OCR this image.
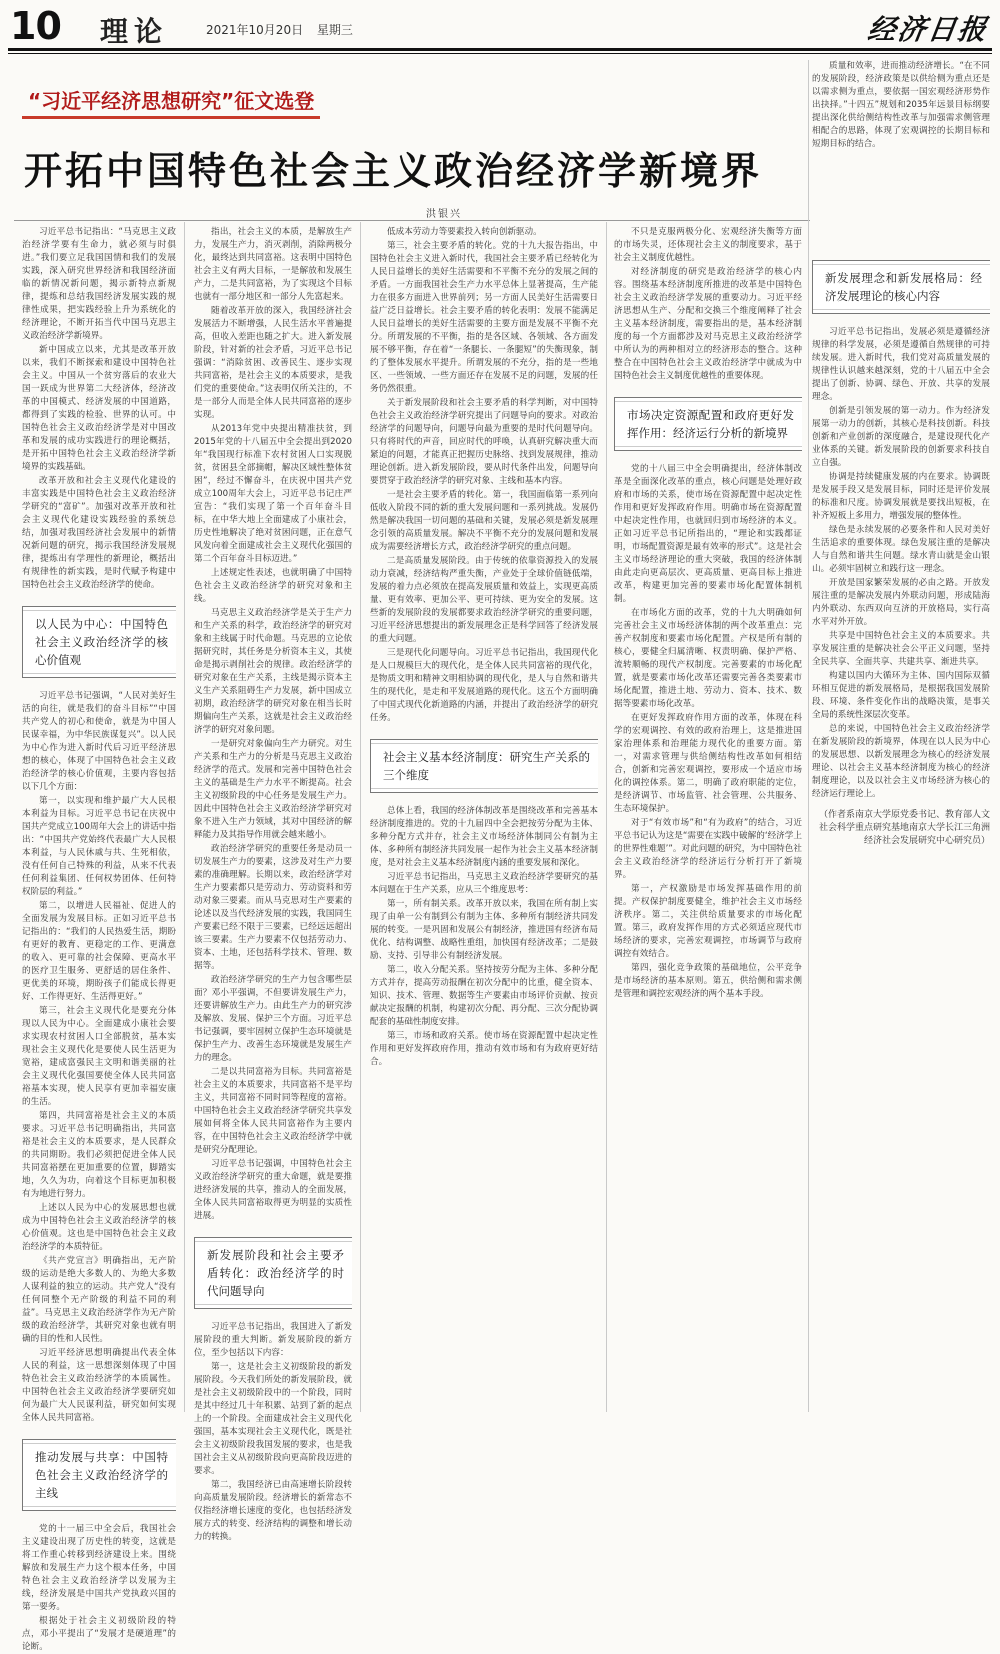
10 理论	2021年10月20日 星期三	经济日报
“习近平经济思想研究”征文选登
开拓中国特色社会主义政治经济学新境界
洪银兴

质量和效率，进而推动经济增长。“在不同的发展阶段，经济政策是以供给侧为重点还是以需求侧为重点，要依据一国宏观经济形势作出抉择。”十四五”规划和2035年远景目标纲要提出深化供给侧结构性改革与加强需求侧管理相配合的思路，体现了宏观调控的长期目标和短期目标的结合。

习近平总书记指出：“马克思主义政治经济学要有生命力，就必须与时俱进。”我们要立足我国国情和我们的发展实践，深入研究世界经济和我国经济面临的新情况新问题，揭示新特点新规律，提炼和总结我国经济发展实践的规律性成果，把实践经验上升为系统化的经济理论，不断开拓当代中国马克思主义政治经济学新境界。

新中国成立以来，尤其是改革开放以来，我们不断探索和建设中国特色社会主义。中国从一个贫穷落后的农业大国一跃成为世界第二大经济体，经济改革的中国模式、经济发展的中国道路，都得到了实践的检验、世界的认可。中国特色社会主义政治经济学是对中国改革和发展的成功实践进行的理论概括，是开拓中国特色社会主义政治经济学新境界的实践基础。

改革开放和社会主义现代化建设的丰富实践是中国特色社会主义政治经济学研究的“富矿”。加强对改革开放和社会主义现代化建设实践经验的系统总结，加强对我国经济社会发展中的新情况新问题的研究，揭示我国经济发展规律，提炼出有学理性的新理论，概括出有规律性的新实践，是时代赋予构建中国特色社会主义政治经济学的使命。

以人民为中心：中国特色社会主义政治经济学的核心价值观

习近平总书记强调，“人民对美好生活的向往，就是我们的奋斗目标”“中国共产党人的初心和使命，就是为中国人民谋幸福，为中华民族谋复兴”。以人民为中心作为进入新时代后习近平经济思想的核心，体现了中国特色社会主义政治经济学的核心价值观，主要内容包括以下几个方面：

第一，以实现和维护最广大人民根本利益为目标。习近平总书记在庆祝中国共产党成立100周年大会上的讲话中指出：“中国共产党始终代表最广大人民根本利益，与人民休戚与共、生死相依，没有任何自己特殊的利益，从来不代表任何利益集团、任何权势团体、任何特权阶层的利益。”

第二，以增进人民福祉、促进人的全面发展为发展目标。正如习近平总书记指出的：“我们的人民热爱生活，期盼有更好的教育、更稳定的工作、更满意的收入、更可靠的社会保障、更高水平的医疗卫生服务、更舒适的居住条件、更优美的环境，期盼孩子们能成长得更好、工作得更好、生活得更好。”

第三，社会主义现代化是要充分体现以人民为中心。全面建成小康社会要求实现农村贫困人口全部脱贫，基本实现社会主义现代化是要使人民生活更为宽裕，建成富强民主文明和谐美丽的社会主义现代化强国要使全体人民共同富裕基本实现，使人民享有更加幸福安康的生活。

第四，共同富裕是社会主义的本质要求。习近平总书记明确指出，共同富裕是社会主义的本质要求，是人民群众的共同期盼。我们必须把促进全体人民共同富裕摆在更加重要的位置，脚踏实地，久久为功，向着这个目标更加积极有为地进行努力。

上述以人民为中心的发展思想也就成为中国特色社会主义政治经济学的核心价值观。这也是中国特色社会主义政治经济学的本质特征。

《共产党宣言》明确指出，无产阶级的运动是绝大多数人的、为绝大多数人谋利益的独立的运动。共产党人“没有任何同整个无产阶级的利益不同的利益”。马克思主义政治经济学作为无产阶级的政治经济学，其研究对象也就有明确的目的性和人民性。

习近平经济思想明确提出代表全体人民的利益，这一思想深刻体现了中国特色社会主义政治经济学的本质属性。中国特色社会主义政治经济学要研究如何为最广大人民谋利益，研究如何实现全体人民共同富裕。

推动发展与共享：中国特色社会主义政治经济学的主线

党的十一届三中全会后，我国社会主义建设出现了历史性的转变，这就是将工作重心转移到经济建设上来。围绕解放和发展生产力这个根本任务，中国特色社会主义政治经济学以发展为主线，经济发展是中国共产党执政兴国的第一要务。

根据处于社会主义初级阶段的特点，邓小平提出了“发展才是硬道理”的论断。

指出，社会主义的本质，是解放生产力，发展生产力，消灭剥削，消除两极分化，最终达到共同富裕。这表明中国特色社会主义有两大目标，一是解放和发展生产力，二是共同富裕，为了实现这个目标也就有一部分地区和一部分人先富起来。

随着改革开放的深入，我国经济社会发展活力不断增强，人民生活水平普遍提高，但收入差距也随之扩大。进入新发展阶段，针对新的社会矛盾，习近平总书记强调：“消除贫困、改善民生、逐步实现共同富裕，是社会主义的本质要求，是我们党的重要使命。”这表明仅所关注的，不是一部分人而是全体人民共同富裕的逐步实现。

从2013年党中央提出精准扶贫，到2015年党的十八届五中全会提出到2020年“我国现行标准下农村贫困人口实现脱贫，贫困县全部摘帽，解决区域性整体贫困”，经过不懈奋斗，在庆祝中国共产党成立100周年大会上，习近平总书记庄严宣告：“我们实现了第一个百年奋斗目标，在中华大地上全面建成了小康社会，历史性地解决了绝对贫困问题，正在意气风发向着全面建成社会主义现代化强国的第二个百年奋斗目标迈进。”

上述规定性表述，也就明确了中国特色社会主义政治经济学的研究对象和主线。

马克思主义政治经济学是关于生产力和生产关系的科学，政治经济学的研究对象和主线属于时代命题。马克思的立论依据研究时，其任务是分析资本主义，其使命是揭示剥削社会的规律。政治经济学的研究对象在生产关系，主线是揭示资本主义生产关系阻碍生产力发展，新中国成立初期，政治经济学的研究对象在相当长时期偏向生产关系，这就是社会主义政治经济学的研究对象问题。

一是研究对象偏向生产力研究。对生产关系和生产力的分析是马克思主义政治经济学的范式。发展和完善中国特色社会主义的基础是生产力水平不断提高。社会主义初级阶段的中心任务是发展生产力。因此中国特色社会主义政治经济学研究对象不进入生产力领域，其对中国经济的解释能力及其指导作用就会越来越小。

政治经济学研究的重要任务是动员一切发展生产力的要素，这涉及对生产力要素的准确理解。长期以来，政治经济学对生产力要素都只是劳动力、劳动资料和劳动对象三要素。而从马克思对生产要素的论述以及当代经济发展的实践，我国同生产要素已经不限于三要素，已经远远超出该三要素。生产力要素不仅包括劳动力、资本、土地，还包括科学技术、管理、数据等。

政治经济学研究的生产力包含哪些层面？邓小平强调，不但要讲发展生产力，还要讲解放生产力。由此生产力的研究涉及解放、发展、保护三个方面。习近平总书记强调，要牢固树立保护生态环境就是保护生产力、改善生态环境就是发展生产力的理念。

二是以共同富裕为目标。共同富裕是社会主义的本质要求，共同富裕不是平均主义，共同富裕不同时同等程度的富裕。中国特色社会主义政治经济学研究共享发展如何将全体人民共同富裕作为主要内容，在中国特色社会主义政治经济学中就是研究分配理论。

习近平总书记强调，中国特色社会主义政治经济学研究的重大命题，就是要推进经济发展的共享，推动人的全面发展，全体人民共同富裕取得更为明显的实质性进展。

新发展阶段和社会主要矛盾转化：政治经济学的时代问题导向

习近平总书记指出，我国进入了新发展阶段的重大判断。新发展阶段的新方位，至少包括以下内容：

第一，这是社会主义初级阶段的新发展阶段。今天我们所处的新发展阶段，就是社会主义初级阶段中的一个阶段，同时是其中经过几十年积累、站到了新的起点上的一个阶段。全面建成社会主义现代化强国，基本实现社会主义现代化，既是社会主义初级阶段我国发展的要求，也是我国社会主义从初级阶段向更高阶段迈进的要求。

第二，我国经济已由高速增长阶段转向高质量发展阶段。经济增长的新常态不仅指经济增长速度的变化，也包括经济发展方式的转变、经济结构的调整和增长动力的转换。

低成本劳动力等要素投入转向创新驱动。

第三，社会主要矛盾的转化。党的十九大报告指出，中国特色社会主义进入新时代，我国社会主要矛盾已经转化为人民日益增长的美好生活需要和不平衡不充分的发展之间的矛盾。一方面我国社会生产力水平总体上显著提高，生产能力在很多方面进入世界前列；另一方面人民美好生活需要日益广泛日益增长。社会主要矛盾的转化表明：发展不能满足人民日益增长的美好生活需要的主要方面是发展不平衡不充分。所谓发展的不平衡，指的是各区域、各领域、各方面发展不够平衡，存在着“一条腿长、一条腿短”的失衡现象，制约了整体发展水平提升。所谓发展的不充分，指的是一些地区、一些领域、一些方面还存在发展不足的问题，发展的任务仍然很重。

关于新发展阶段和社会主要矛盾的科学判断，对中国特色社会主义政治经济学研究提出了问题导向的要求。对政治经济学的问题导向，问题导向最为重要的是时代问题导向。只有将时代的声音，回应时代的呼唤，认真研究解决重大而紧迫的问题，才能真正把握历史脉络、找到发展规律，推动理论创新。进入新发展阶段，要从时代条件出发，问题导向要贯穿于政治经济学的研究对象、主线和基本内容。

一是社会主要矛盾的转化。第一，我国面临第一系列向低收入阶段不同的新的重大发展问题和一系列挑战。发展仍然是解决我国一切问题的基础和关键，发展必须是新发展理念引领的高质量发展。解决不平衡不充分的发展问题和发展成为需要经济增长方式，政治经济学研究的重点问题。

二是高质量发展阶段。由于传统的依靠资源投入的发展动力衰减，经济结构严重失衡，产业处于全球价值链低端，发展的着力点必须放在提高发展质量和效益上，实现更高质量、更有效率、更加公平、更可持续、更为安全的发展。这些新的发展阶段的发展都要求政治经济学研究的重要问题，习近平经济思想提出的新发展理念正是科学回答了经济发展的重大问题。

三是现代化问题导向。习近平总书记指出，我国现代化是人口规模巨大的现代化，是全体人民共同富裕的现代化，是物质文明和精神文明相协调的现代化，是人与自然和谐共生的现代化，是走和平发展道路的现代化。这五个方面明确了中国式现代化新道路的内涵，并提出了政治经济学的研究任务。

社会主义基本经济制度：研究生产关系的三个维度

总体上看，我国的经济体制改革是围绕改革和完善基本经济制度推进的。党的十九届四中全会把按劳分配为主体、多种分配方式并存，社会主义市场经济体制同公有制为主体、多种所有制经济共同发展一起作为社会主义基本经济制度，是对社会主义基本经济制度内涵的重要发展和深化。

习近平总书记指出，马克思主义政治经济学要研究的基本问题在于生产关系，应从三个维度思考：

第一，所有制关系。改革开放以来，我国在所有制上实现了由单一公有制到公有制为主体、多种所有制经济共同发展的转变。一是巩固和发展公有制经济，推进国有经济布局优化、结构调整、战略性重组，加快国有经济改革；二是鼓励、支持、引导非公有制经济发展。

第二，收入分配关系。坚持按劳分配为主体、多种分配方式并存，提高劳动报酬在初次分配中的比重，健全资本、知识、技术、管理、数据等生产要素由市场评价贡献、按贡献决定报酬的机制，构建初次分配、再分配、三次分配协调配套的基础性制度安排。

第三，市场和政府关系。使市场在资源配置中起决定性作用和更好发挥政府作用，推动有效市场和有为政府更好结合。

不只是克服两极分化、宏观经济失衡等方面的市场失灵，还体现社会主义的制度要求，基于社会主义制度优越性。

对经济制度的研究是政治经济学的核心内容。围绕基本经济制度所推进的改革是中国特色社会主义政治经济学发展的重要动力。习近平经济思想从生产、分配和交换三个维度阐释了社会主义基本经济制度，需要指出的是，基本经济制度的每一个方面都涉及对马克思主义政治经济学中所认为的两种相对立的经济形态的整合。这种整合在中国特色社会主义政治经济学中就成为中国特色社会主义制度优越性的重要体现。

市场决定资源配置和政府更好发挥作用：经济运行分析的新境界

党的十八届三中全会明确提出，经济体制改革是全面深化改革的重点，核心问题是处理好政府和市场的关系，使市场在资源配置中起决定性作用和更好发挥政府作用。明确市场在资源配置中起决定性作用，也就回归到市场经济的本义。正如习近平总书记所指出的，“理论和实践都证明，市场配置资源是最有效率的形式”。这是社会主义市场经济理论的重大突破，我国的经济体制由此走向更高层次、更高质量、更高目标上推进改革，构建更加完善的要素市场化配置体制机制。

在市场化方面的改革，党的十九大明确如何完善社会主义市场经济体制的两个改革重点：完善产权制度和要素市场化配置。产权是所有制的核心，要健全归属清晰、权责明确、保护严格、流转顺畅的现代产权制度。完善要素的市场化配置，就是要素市场化改革还需要完善各类要素市场化配置，推进土地、劳动力、资本、技术、数据等要素市场化改革。

在更好发挥政府作用方面的改革，体现在科学的宏观调控、有效的政府治理上，这是推进国家治理体系和治理能力现代化的重要方面。第一，对需求管理与供给侧结构性改革如何相结合，创新和完善宏观调控，要形成一个适应市场化的调控体系。第二，明确了政府职能的定位，是经济调节、市场监管、社会管理、公共服务、生态环境保护。

对于“有效市场”和“有为政府”的结合，习近平总书记认为这是“需要在实践中破解的‘经济学上的世界性难题’”。对此问题的研究，为中国特色社会主义政治经济学的经济运行分析打开了新境界。

第一，产权激励是市场发挥基础作用的前提。产权保护制度要健全，维护社会主义市场经济秩序。第二，关注供给质量要求的市场化配置。第三，政府发挥作用的方式必须适应现代市场经济的要求，完善宏观调控，市场调节与政府调控有效结合。

第四，强化竞争政策的基础地位，公平竞争是市场经济的基本原则。第五，供给侧和需求侧是管理和调控宏观经济的两个基本手段。

新发展理念和新发展格局：经济发展理论的核心内容

习近平总书记指出，发展必须是遵循经济规律的科学发展，必须是遵循自然规律的可持续发展。进入新时代，我们党对高质量发展的规律性认识越来越深刻，党的十八届五中全会提出了创新、协调、绿色、开放、共享的发展理念。

创新是引领发展的第一动力。作为经济发展第一动力的创新，其核心是科技创新。科技创新和产业创新的深度融合，是建设现代化产业体系的关键。新发展阶段的创新要求科技自立自强。

协调是持续健康发展的内在要求。协调既是发展手段又是发展目标，同时还是评价发展的标准和尺度。协调发展就是要找出短板，在补齐短板上多用力，增强发展的整体性。

绿色是永续发展的必要条件和人民对美好生活追求的重要体现。绿色发展注重的是解决人与自然和谐共生问题。绿水青山就是金山银山。必须牢固树立和践行这一理念。

开放是国家繁荣发展的必由之路。开放发展注重的是解决发展内外联动问题，形成陆海内外联动、东西双向互济的开放格局，实行高水平对外开放。

共享是中国特色社会主义的本质要求。共享发展注重的是解决社会公平正义问题，坚持全民共享、全面共享、共建共享、渐进共享。

构建以国内大循环为主体、国内国际双循环相互促进的新发展格局，是根据我国发展阶段、环境、条件变化作出的战略决策，是事关全局的系统性深层次变革。

总的来说，中国特色社会主义政治经济学在新发展阶段的新境界，体现在以人民为中心的发展思想、以新发展理念为核心的经济发展理论、以社会主义基本经济制度为核心的经济制度理论，以及以社会主义市场经济为核心的经济运行理论上。

（作者系南京大学原党委书记、教育部人文社会科学重点研究基地南京大学长江三角洲经济社会发展研究中心研究员）
